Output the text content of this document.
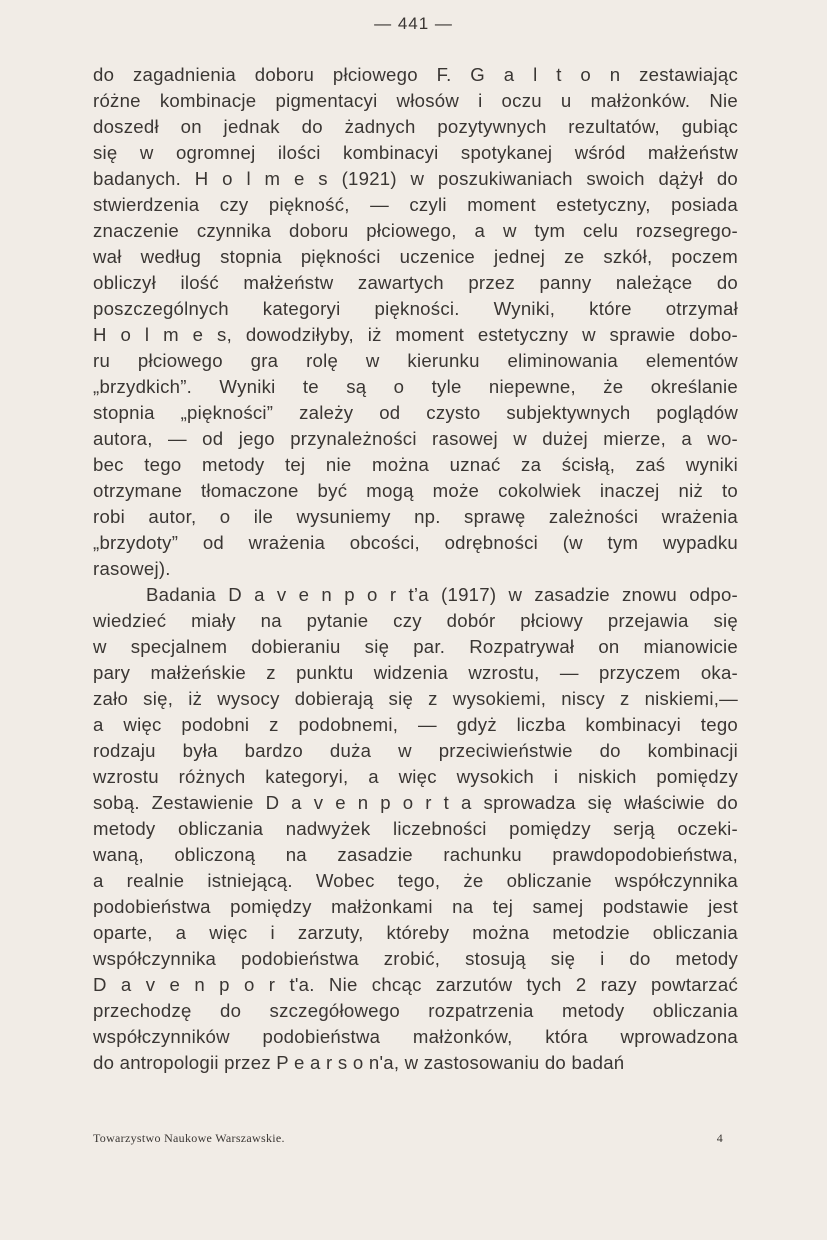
— 441 —
do zagadnienia doboru płciowego F. G a l t o n zestawiając
różne kombinacje pigmentacyi włosów i oczu u małżonków. Nie
doszedł on jednak do żadnych pozytywnych rezultatów, gubiąc
się w ogromnej ilości kombinacyi spotykanej wśród małżeństw
badanych. H o l m e s (1921) w poszukiwaniach swoich dążył do
stwierdzenia czy piękność, — czyli moment estetyczny, posiada
znaczenie czynnika doboru płciowego, a w tym celu rozsegrego-
wał według stopnia piękności uczenice jednej ze szkół, poczem
obliczył ilość małżeństw zawartych przez panny należące do
poszczególnych kategoryi piękności. Wyniki, które otrzymał
H o l m e s, dowodziłyby, iż moment estetyczny w sprawie dobo-
ru płciowego gra rolę w kierunku eliminowania elementów
„brzydkich”. Wyniki te są o tyle niepewne, że określanie
stopnia „piękności” zależy od czysto subjektywnych poglądów
autora, — od jego przynależności rasowej w dużej mierze, a wo-
bec tego metody tej nie można uznać za ścisłą, zaś wyniki
otrzymane tłomaczone być mogą może cokolwiek inaczej niż to
robi autor, o ile wysuniemy np. sprawę zależności wrażenia
„brzydoty” od wrażenia obcości, odrębności (w tym wypadku
rasowej).
Badania D a v e n p o r t’a (1917) w zasadzie znowu odpo-
wiedzieć miały na pytanie czy dobór płciowy przejawia się
w specjalnem dobieraniu się par. Rozpatrywał on mianowicie
pary małżeńskie z punktu widzenia wzrostu, — przyczem oka-
zało się, iż wysocy dobierają się z wysokiemi, niscy z niskiemi,—
a więc podobni z podobnemi, — gdyż liczba kombinacyi tego
rodzaju była bardzo duża w przeciwieństwie do kombinacji
wzrostu różnych kategoryi, a więc wysokich i niskich pomiędzy
sobą. Zestawienie D a v e n p o r t a sprowadza się właściwie do
metody obliczania nadwyżek liczebności pomiędzy serją oczeki-
waną, obliczoną na zasadzie rachunku prawdopodobieństwa,
a realnie istniejącą. Wobec tego, że obliczanie współczynnika
podobieństwa pomiędzy małżonkami na tej samej podstawie jest
oparte, a więc i zarzuty, któreby można metodzie obliczania
współczynnika podobieństwa zrobić, stosują się i do metody
D a v e n p o r t'a. Nie chcąc zarzutów tych 2 razy powtarzać
przechodzę do szczegółowego rozpatrzenia metody obliczania
współczynników podobieństwa małżonków, która wprowadzona
do antropologii przez P e a r s o n'a, w zastosowaniu do badań
Towarzystwo Naukowe Warszawskie.	4
